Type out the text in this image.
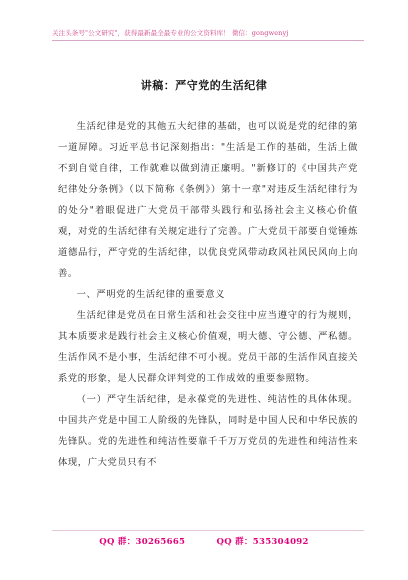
关注头条号"公文研究"，获得最新最全最专业的公文资料库！ 微信：gongwenyj
讲稿：严守党的生活纪律

生活纪律是党的其他五大纪律的基础，也可以说是党的纪律的第一道屏障。习近平总书记深刻指出："生活是工作的基础，生活上做不到自觉自律，工作就难以做到清正廉明。"新修订的《中国共产党纪律处分条例》（以下简称《条例》）第十一章"对违反生活纪律行为的处分"着眼促进广大党员干部带头践行和弘扬社会主义核心价值观，对党的生活纪律有关规定进行了完善。广大党员干部要自觉锤炼道德品行，严守党的生活纪律，以优良党风带动政风社风民风向上向善。

一、严明党的生活纪律的重要意义

生活纪律是党员在日常生活和社会交往中应当遵守的行为规则，其本质要求是践行社会主义核心价值观，明大德、守公德、严私德。生活作风不是小事，生活纪律不可小视。党员干部的生活作风直接关系党的形象，是人民群众评判党的工作成效的重要参照物。

（一）严守生活纪律，是永葆党的先进性、纯洁性的具体体现。中国共产党是中国工人阶级的先锋队，同时是中国人民和中华民族的先锋队。党的先进性和纯洁性要靠千千万万党员的先进性和纯洁性来体现，广大党员只有不

QQ 群：30265665	QQ 群：535304092
